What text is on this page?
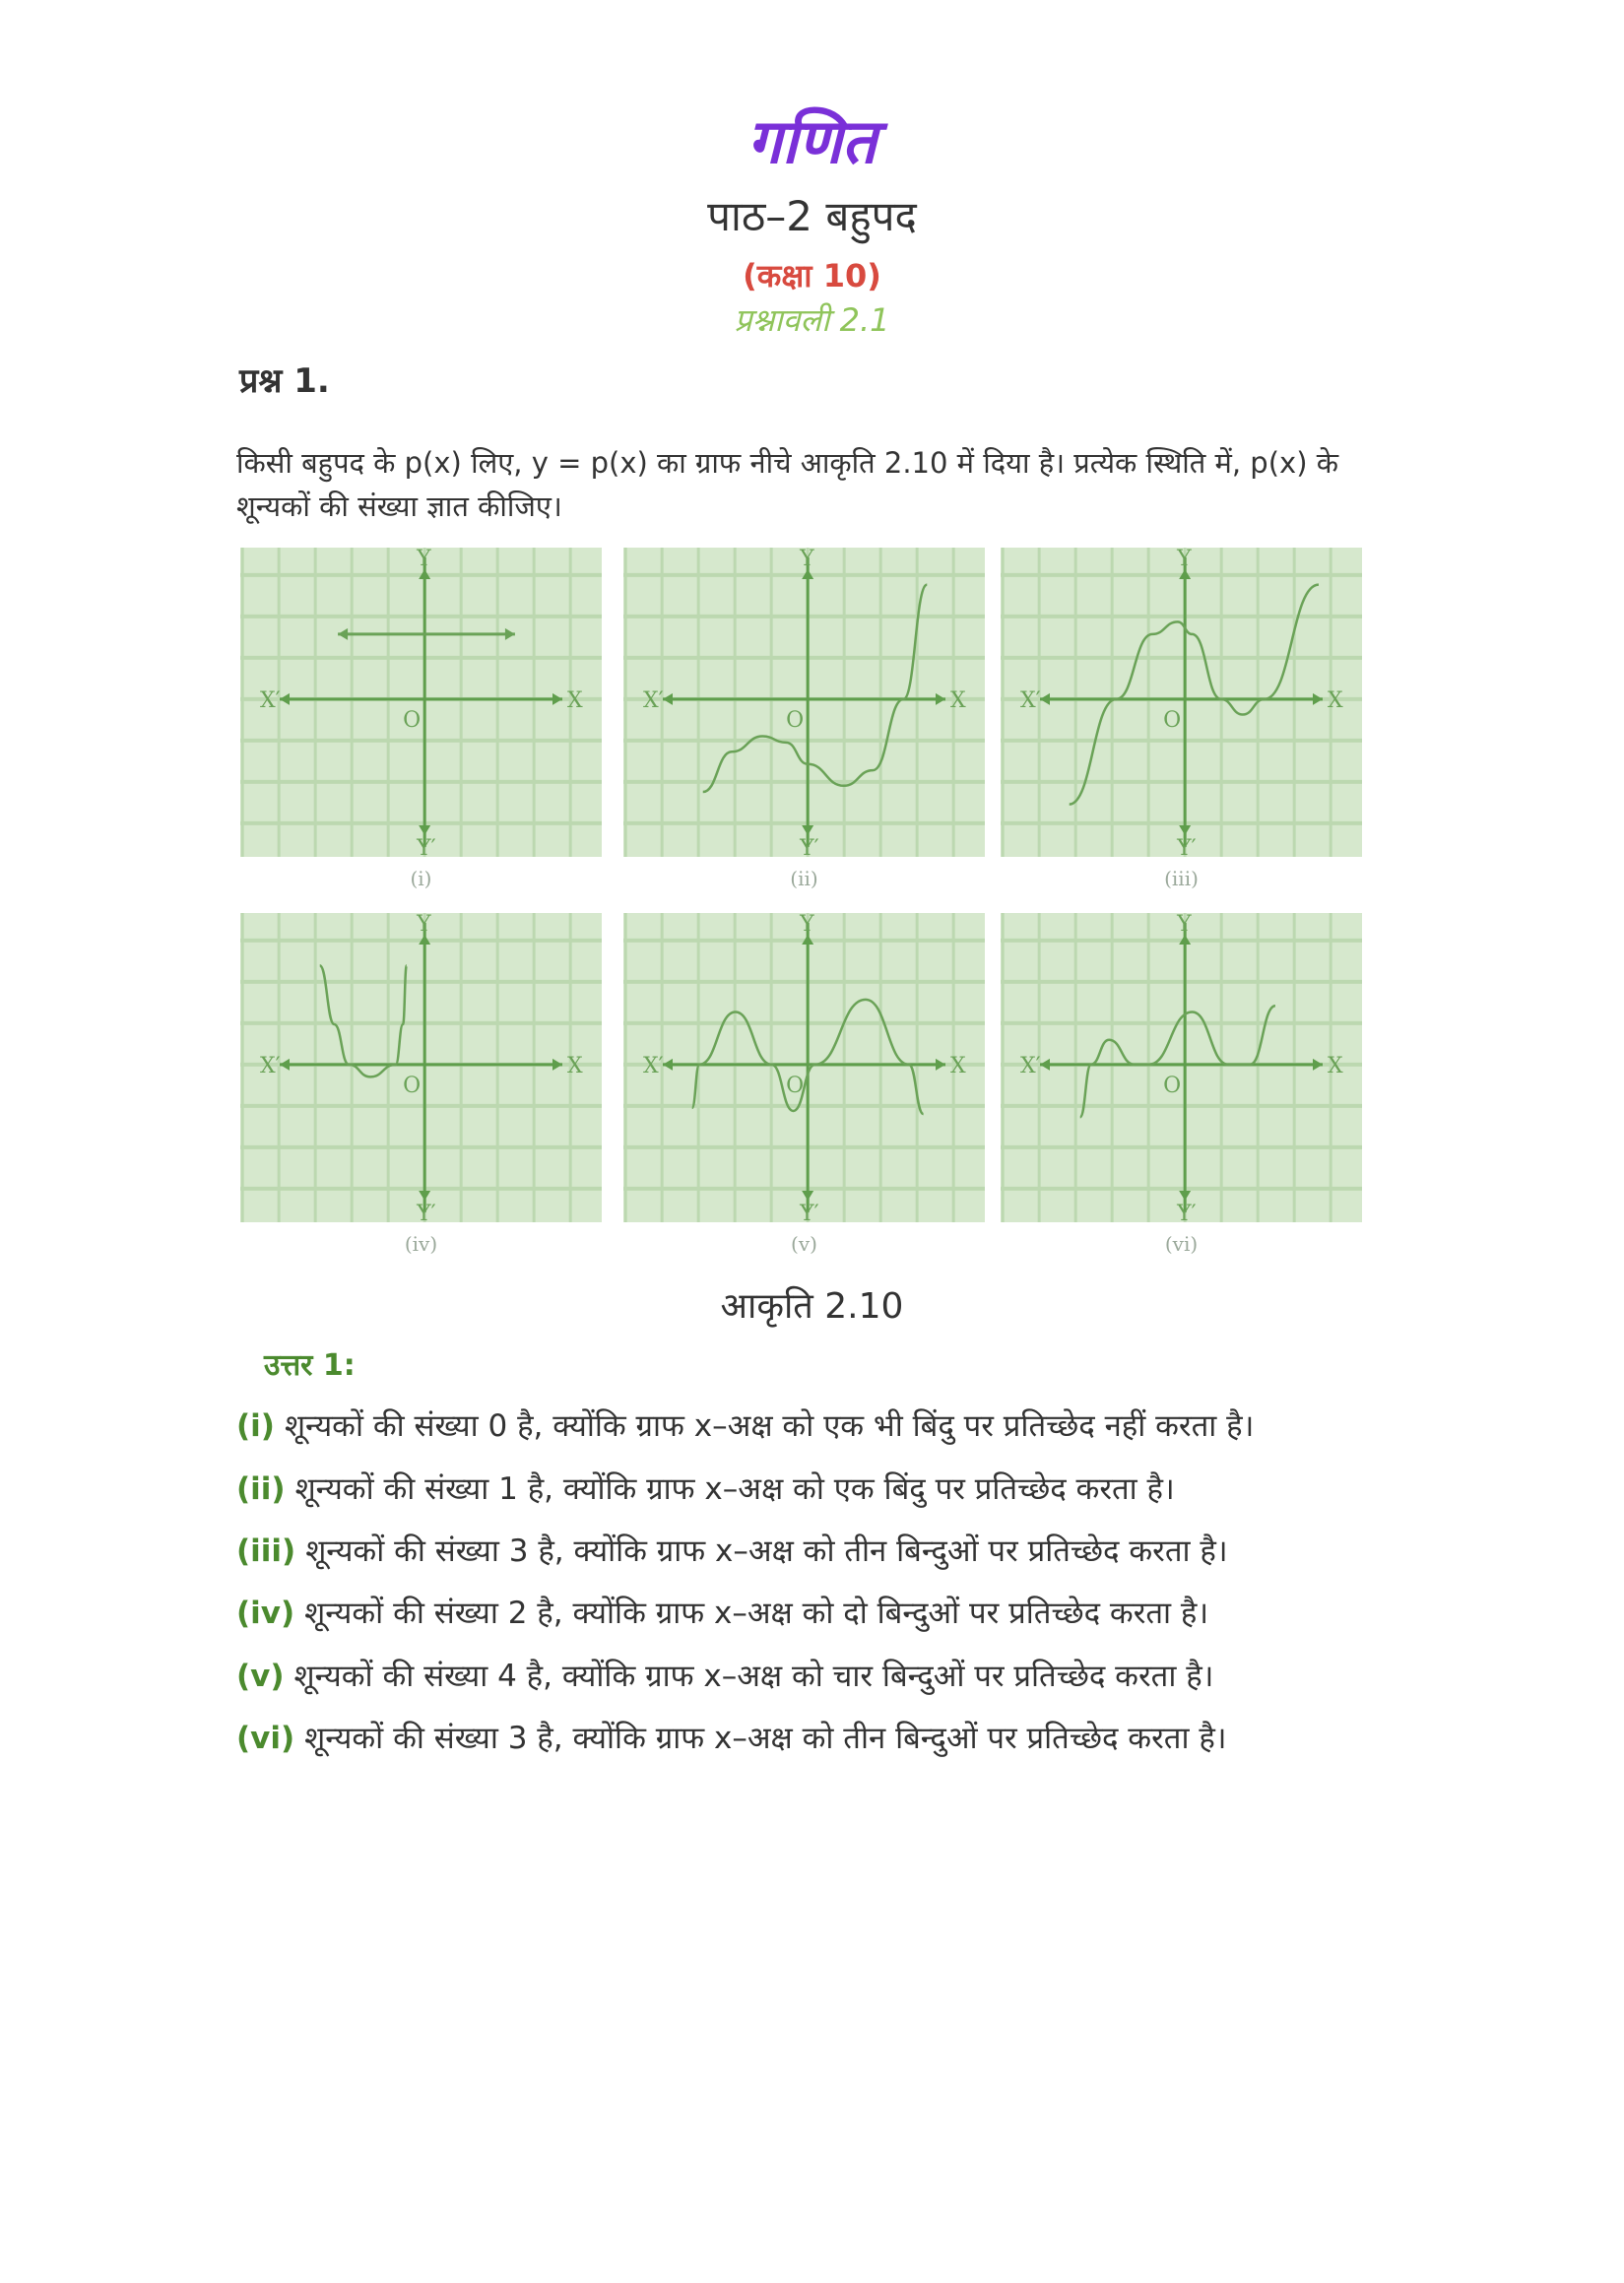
गणित
पाठ–2 बहुपद
(कक्षा 10)
प्रश्नावली 2.1
प्रश्न 1.
किसी बहुपद के p(x) लिए, y = p(x) का ग्राफ नीचे आकृति 2.10 में दिया है। प्रत्येक स्थिति में, p(x) के शून्यकों की संख्या ज्ञात कीजिए।
X′	X
Y
Y′
O
(i)
X′	X
Y
Y′
O
(ii)
X′	X
Y
Y′
O
(iii)
X′	X
Y
Y′
O
(iv)
X′	X
Y
Y′
O
(v)
X′	X
Y
Y′
O
(vi)
आकृति 2.10
उत्तर 1:
(i) शून्यकों की संख्या 0 है, क्योंकि ग्राफ x–अक्ष को एक भी बिंदु पर प्रतिच्छेद नहीं करता है।
(ii) शून्यकों की संख्या 1 है, क्योंकि ग्राफ x–अक्ष को एक बिंदु पर प्रतिच्छेद करता है।
(iii) शून्यकों की संख्या 3 है, क्योंकि ग्राफ x–अक्ष को तीन बिन्दुओं पर प्रतिच्छेद करता है।
(iv) शून्यकों की संख्या 2 है, क्योंकि ग्राफ x–अक्ष को दो बिन्दुओं पर प्रतिच्छेद करता है।
(v) शून्यकों की संख्या 4 है, क्योंकि ग्राफ x–अक्ष को चार बिन्दुओं पर प्रतिच्छेद करता है।
(vi) शून्यकों की संख्या 3 है, क्योंकि ग्राफ x–अक्ष को तीन बिन्दुओं पर प्रतिच्छेद करता है।
